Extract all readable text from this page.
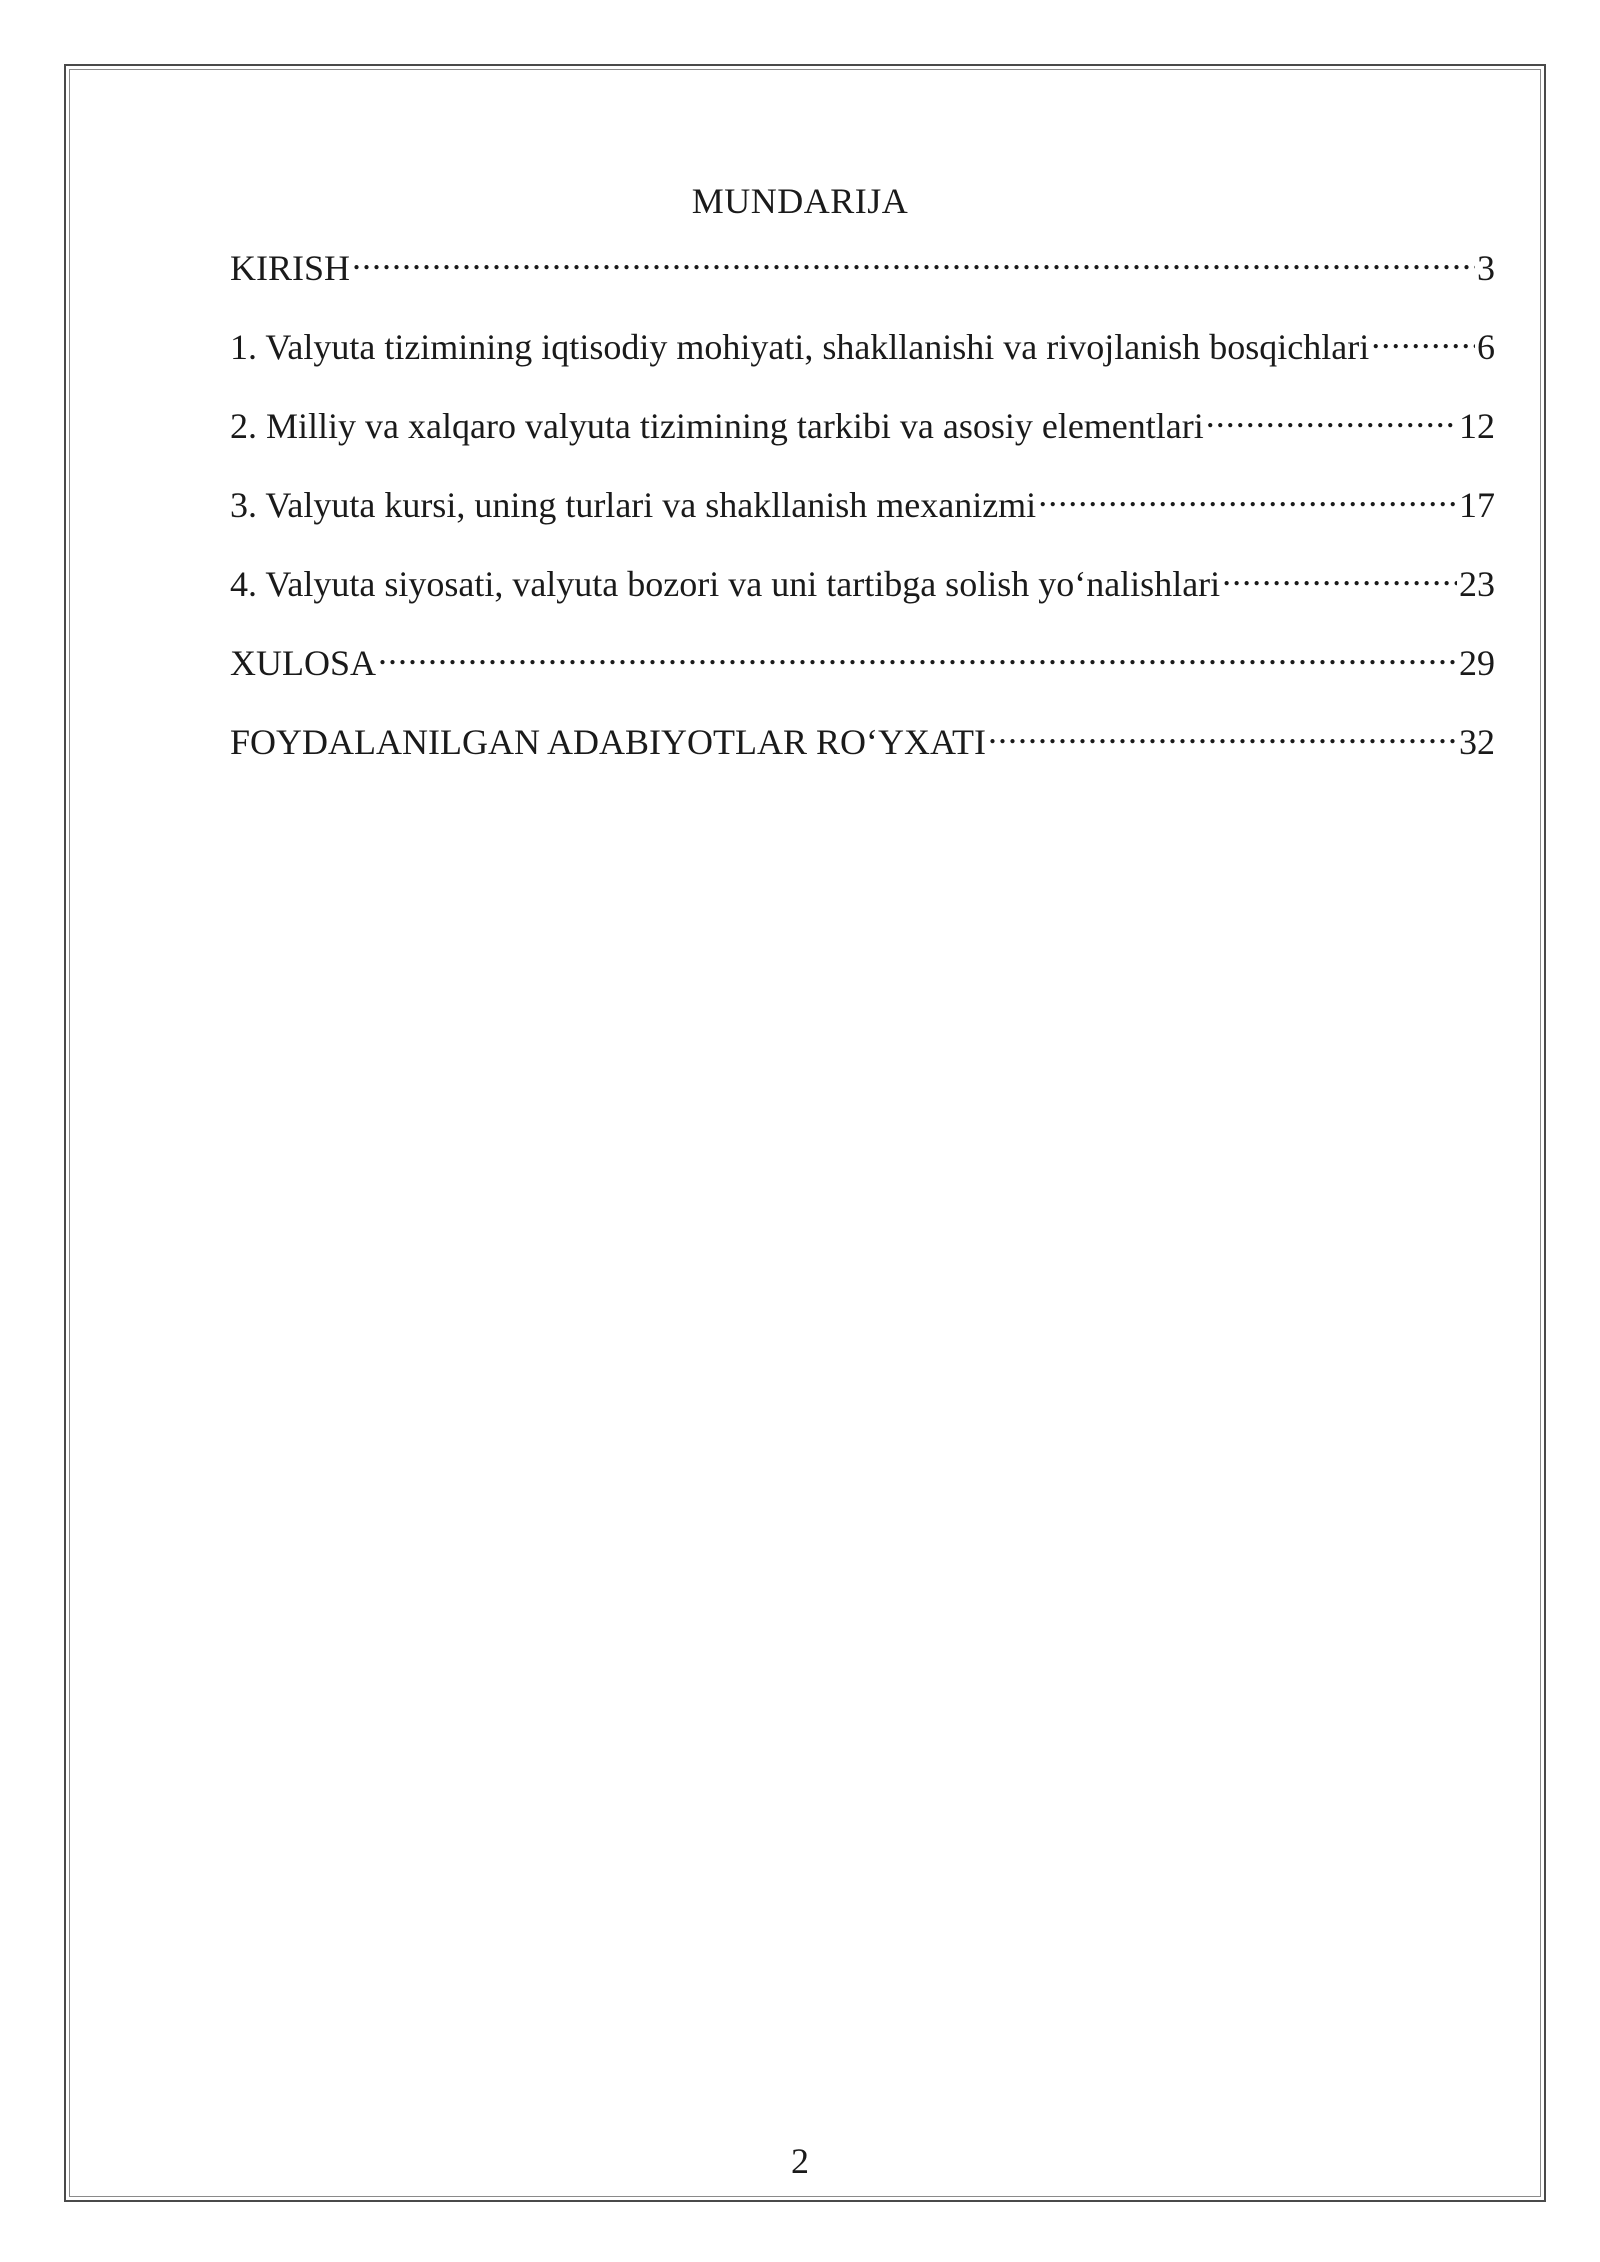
MUNDARIJA
KIRISH .....	3
1. Valyuta tizimining iqtisodiy mohiyati, shakllanishi va rivojlanish bosqichlari .....	6
2. Milliy va xalqaro valyuta tizimining tarkibi va asosiy elementlari .....	12
3. Valyuta kursi, uning turlari va shakllanish mexanizmi .....	17
4. Valyuta siyosati, valyuta bozori va uni tartibga solish yo‘nalishlari .....	23
XULOSA .....	29
FOYDALANILGAN ADABIYOTLAR RO‘YXATI .....	32
2
